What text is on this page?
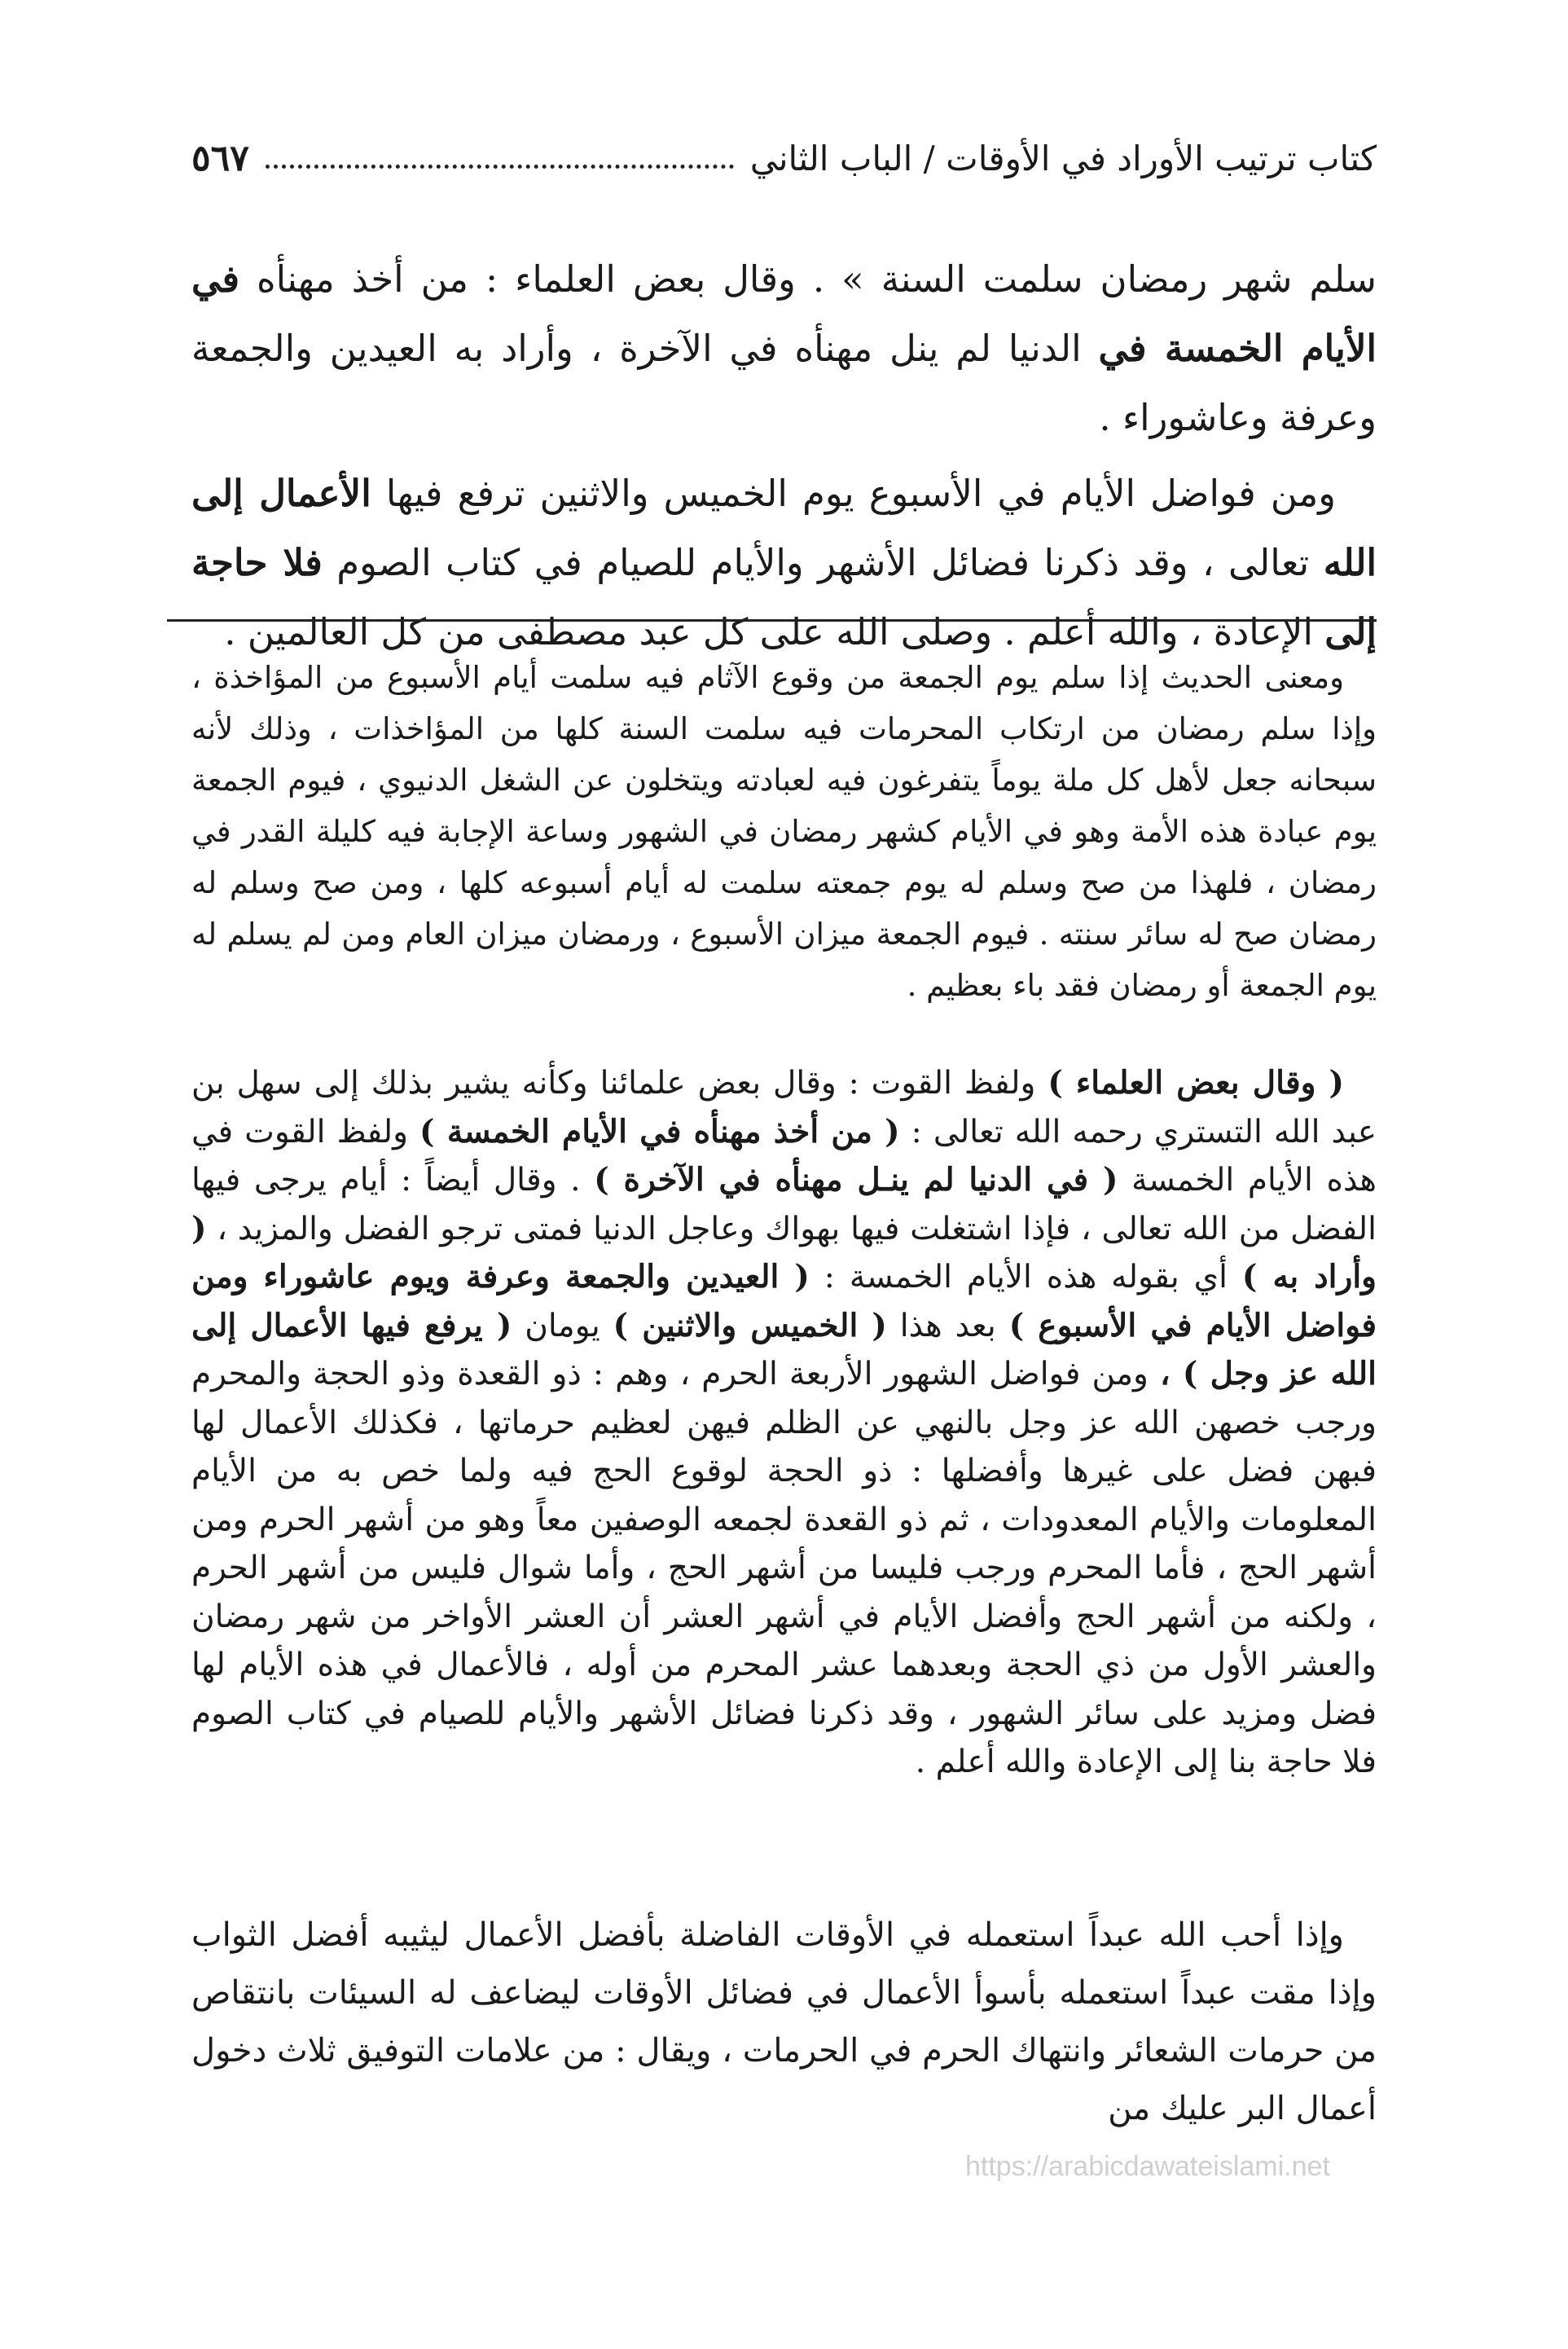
كتاب ترتيب الأوراد في الأوقات / الباب الثاني
٥٦٧

سلم شهر رمضان سلمت السنة » . وقال بعض العلماء : من أخذ مهنأه في الأيام الخمسة في الدنيا لم ينل مهنأه في الآخرة ، وأراد به العيدين والجمعة وعرفة وعاشوراء .

ومن فواضل الأيام في الأسبوع يوم الخميس والاثنين ترفع فيها الأعمال إلى الله تعالى ، وقد ذكرنا فضائل الأشهر والأيام للصيام في كتاب الصوم فلا حاجة إلى الإعادة ، والله أعلم . وصلى الله على كل عبد مصطفى من كل العالمين .

ومعنى الحديث إذا سلم يوم الجمعة من وقوع الآثام فيه سلمت أيام الأسبوع من المؤاخذة ، وإذا سلم رمضان من ارتكاب المحرمات فيه سلمت السنة كلها من المؤاخذات ، وذلك لأنه سبحانه جعل لأهل كل ملة يوماً يتفرغون فيه لعبادته ويتخلون عن الشغل الدنيوي ، فيوم الجمعة يوم عبادة هذه الأمة وهو في الأيام كشهر رمضان في الشهور وساعة الإجابة فيه كليلة القدر في رمضان ، فلهذا من صح وسلم له يوم جمعته سلمت له أيام أسبوعه كلها ، ومن صح وسلم له رمضان صح له سائر سنته . فيوم الجمعة ميزان الأسبوع ، ورمضان ميزان العام ومن لم يسلم له يوم الجمعة أو رمضان فقد باء بعظيم .

( وقال بعض العلماء ) ولفظ القوت : وقال بعض علمائنا وكأنه يشير بذلك إلى سهل بن عبد الله التستري رحمه الله تعالى : ( من أخذ مهنأه في الأيام الخمسة ) ولفظ القوت في هذه الأيام الخمسة ( في الدنيا لم ينـل مهنأه في الآخرة ) . وقال أيضاً : أيام يرجى فيها الفضل من الله تعالى ، فإذا اشتغلت فيها بهواك وعاجل الدنيا فمتى ترجو الفضل والمزيد ، ( وأراد به ) أي بقوله هذه الأيام الخمسة : ( العيدين والجمعة وعرفة ويوم عاشوراء ومن فواضل الأيام في الأسبوع ) بعد هذا ( الخميس والاثنين ) يومان ( يرفع فيها الأعمال إلى الله عز وجل ) ، ومن فواضل الشهور الأربعة الحرم ، وهم : ذو القعدة وذو الحجة والمحرم ورجب خصهن الله عز وجل بالنهي عن الظلم فيهن لعظيم حرماتها ، فكذلك الأعمال لها فبهن فضل على غيرها وأفضلها : ذو الحجة لوقوع الحج فيه ولما خص به من الأيام المعلومات والأيام المعدودات ، ثم ذو القعدة لجمعه الوصفين معاً وهو من أشهر الحرم ومن أشهر الحج ، فأما المحرم ورجب فليسا من أشهر الحج ، وأما شوال فليس من أشهر الحرم ، ولكنه من أشهر الحج وأفضل الأيام في أشهر العشر أن العشر الأواخر من شهر رمضان والعشر الأول من ذي الحجة وبعدهما عشر المحرم من أوله ، فالأعمال في هذه الأيام لها فضل ومزيد على سائر الشهور ، وقد ذكرنا فضائل الأشهر والأيام للصيام في كتاب الصوم فلا حاجة بنا إلى الإعادة والله أعلم .

وإذا أحب الله عبداً استعمله في الأوقات الفاضلة بأفضل الأعمال ليثيبه أفضل الثواب وإذا مقت عبداً استعمله بأسوأ الأعمال في فضائل الأوقات ليضاعف له السيئات بانتقاص من حرمات الشعائر وانتهاك الحرم في الحرمات ، ويقال : من علامات التوفيق ثلاث دخول أعمال البر عليك من

https://arabicdawateislami.net
